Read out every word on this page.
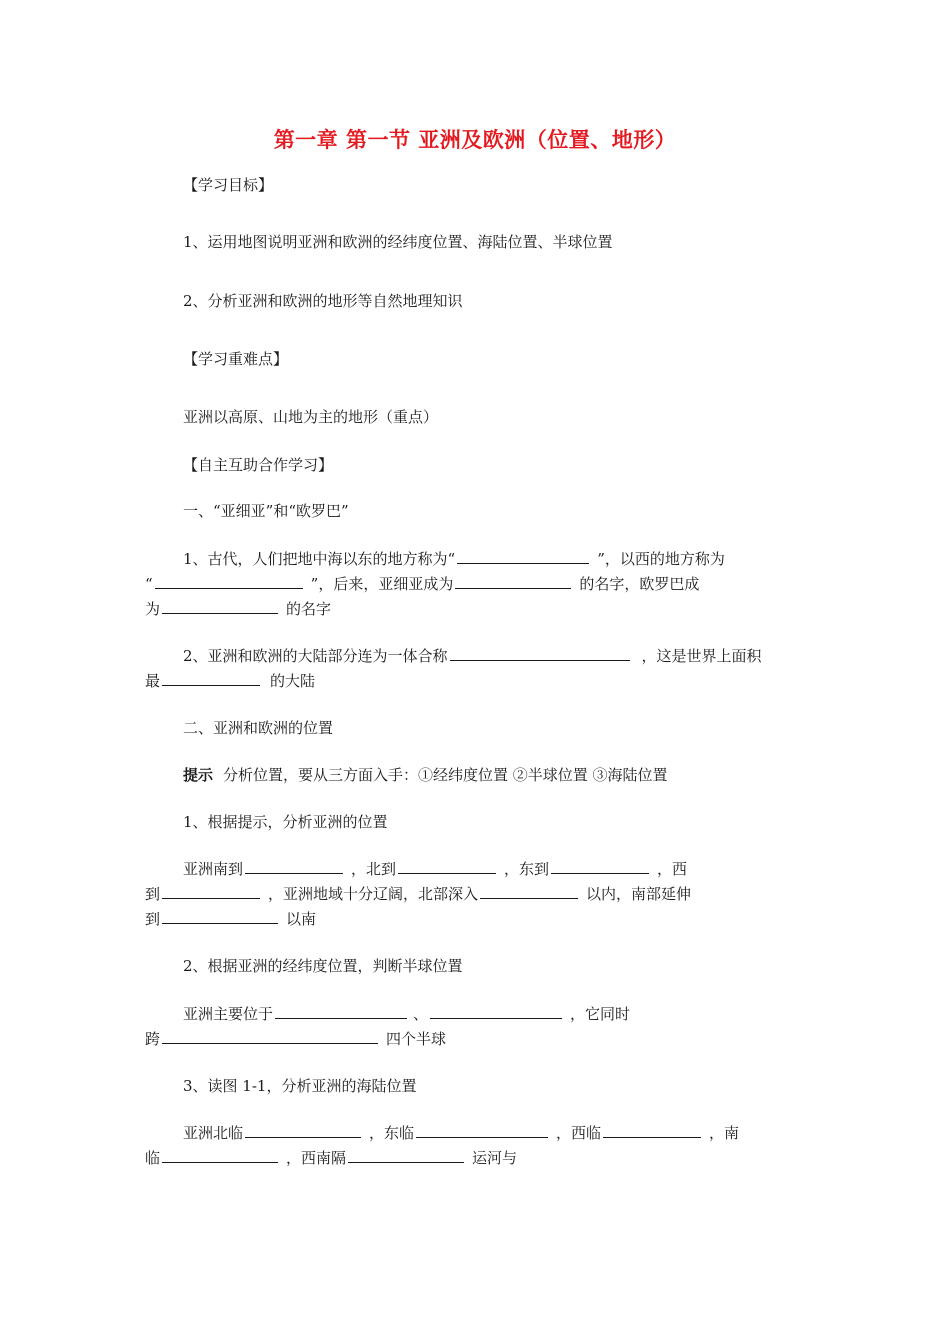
第一章 第一节 亚洲及欧洲（位置、地形）
【学习目标】
1、运用地图说明亚洲和欧洲的经纬度位置、海陆位置、半球位置
2、分析亚洲和欧洲的地形等自然地理知识
【学习重难点】
亚洲以高原、山地为主的地形（重点）
【自主互助合作学习】
一、“亚细亚”和“欧罗巴”
1、古代，人们把地中海以东的地方称为“	”，以西的地方称为
“	”，后来，亚细亚成为	的名字，欧罗巴成
为	的名字
2、亚洲和欧洲的大陆部分连为一体合称	，这是世界上面积
最	的大陆
二、亚洲和欧洲的位置
提示 分析位置，要从三方面入手：①经纬度位置 ②半球位置 ③海陆位置
1、根据提示，分析亚洲的位置
亚洲南到	，北到	，东到	，西
到	，亚洲地域十分辽阔，北部深入	以内，南部延伸
到	以南
2、根据亚洲的经纬度位置，判断半球位置
亚洲主要位于	、	，它同时
跨	四个半球
3、读图 1-1，分析亚洲的海陆位置
亚洲北临	，东临	，西临	，南
临	，西南隔	运河与
